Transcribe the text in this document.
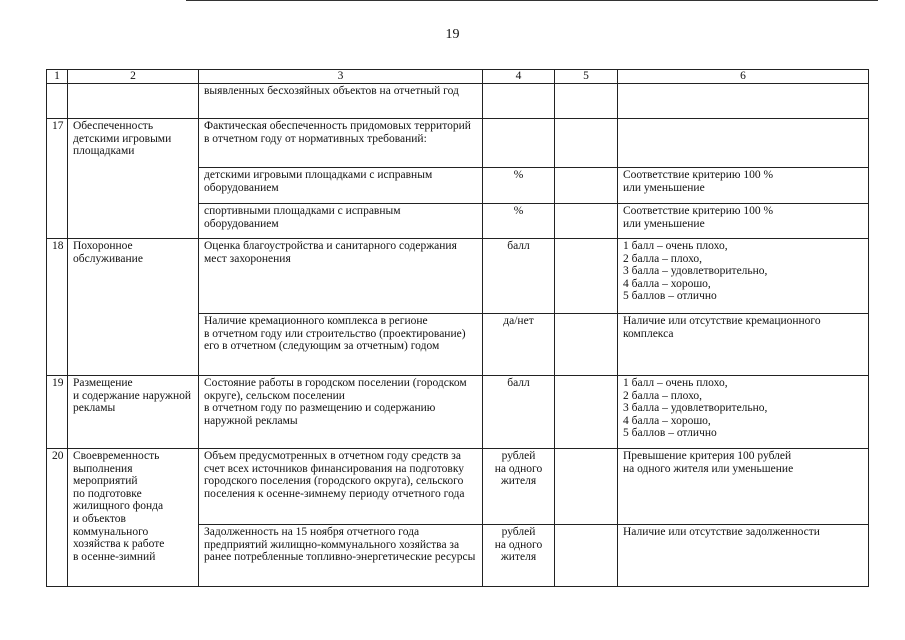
19
1	2	3	4	5	6
		выявленных бесхозяйных объектов на отчетный год			
17	Обеспеченность детскими игровыми площадками	Фактическая обеспеченность придомовых территорий в отчетном году от нормативных требований:			
		детскими игровыми площадками с исправным оборудованием	%		Соответствие критерию 100 %
или уменьшение
		спортивными площадками с исправным оборудованием	%		Соответствие критерию 100 %
или уменьшение
18	Похоронное обслуживание	Оценка благоустройства и санитарного содержания мест захоронения	балл		1 балл – очень плохо,
2 балла – плохо,
3 балла – удовлетворительно,
4 балла – хорошо,
5 баллов – отлично
		Наличие кремационного комплекса в регионе
в отчетном году или строительство (проектирование) его в отчетном (следующим за отчетным) годом	да/нет		Наличие или отсутствие кремационного комплекса
19	Размещение
и содержание наружной рекламы	Состояние работы в городском поселении (городском округе), сельском поселении
в отчетном году по размещению и содержанию наружной рекламы	балл		1 балл – очень плохо,
2 балла – плохо,
3 балла – удовлетворительно,
4 балла – хорошо,
5 баллов – отлично
20	Своевременность выполнения мероприятий
по подготовке жилищного фонда
и объектов коммунального хозяйства к работе
в осенне-зимний	Объем предусмотренных в отчетном году средств за счет всех источников финансирования на подготовку городского поселения (городского округа), сельского поселения к осенне-зимнему периоду отчетного года	рублей
на одного
жителя		Превышение критерия 100 рублей
на одного жителя или уменьшение
		Задолженность на 15 ноября отчетного года предприятий жилищно-коммунального хозяйства за ранее потребленные топливно-энергетические ресурсы	рублей
на одного
жителя		Наличие или отсутствие задолженности
